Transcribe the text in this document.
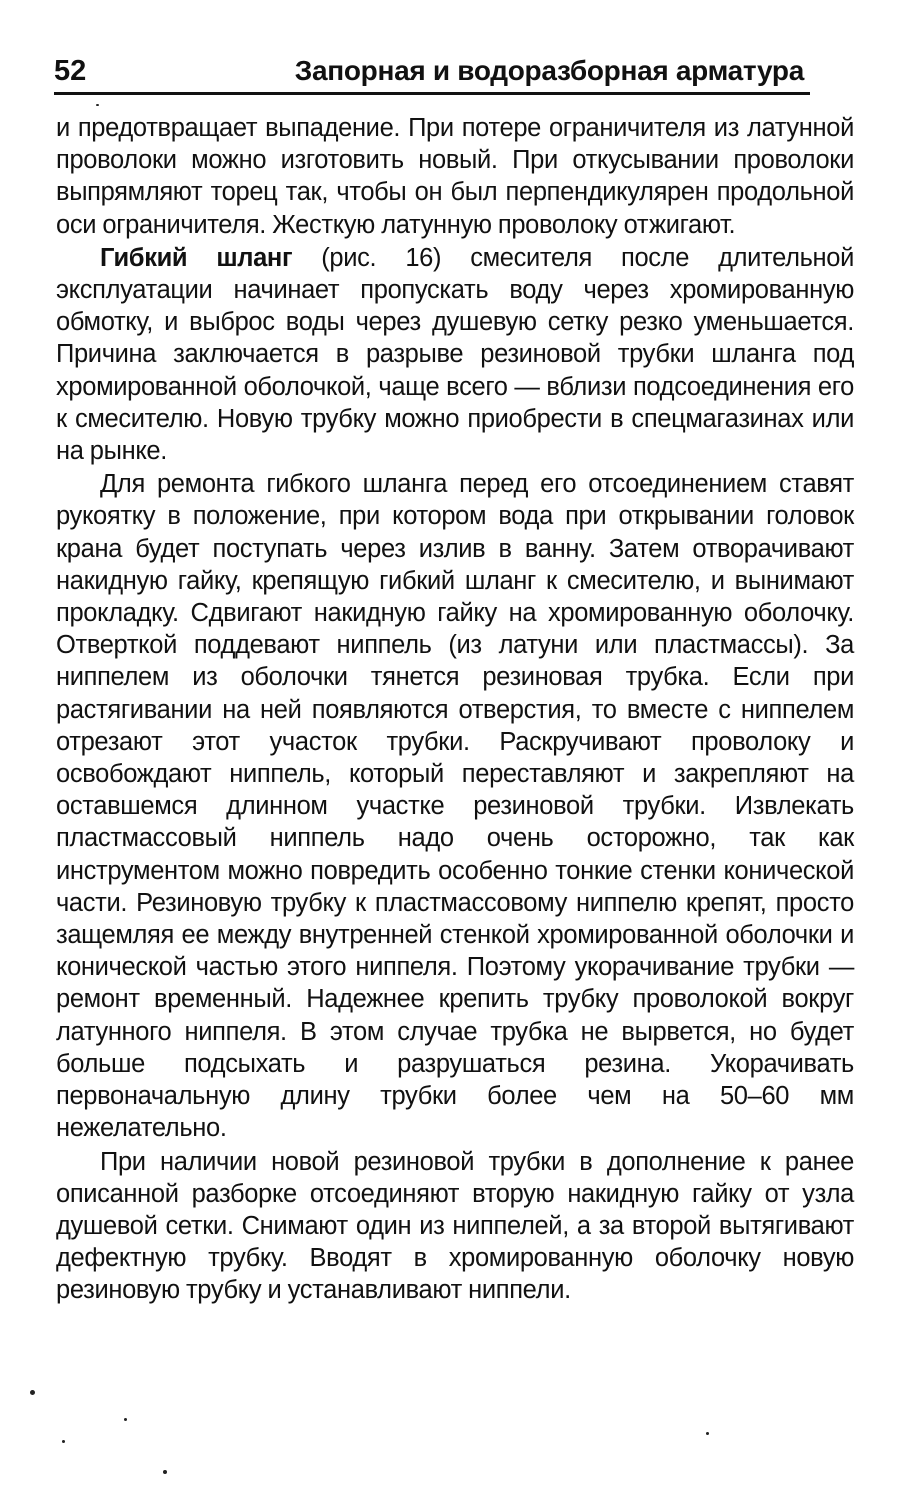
52	Запорная и водоразборная арматура

и предотвращает выпадение. При потере ограничителя из латунной проволоки можно изготовить новый. При откусывании проволоки выпрямляют торец так, чтобы он был перпендикулярен продольной оси ограничителя. Жесткую латунную проволоку отжигают.

Гибкий шланг (рис. 16) смесителя после длительной эксплуатации начинает пропускать воду через хромированную обмотку, и выброс воды через душевую сетку резко уменьшается. Причина заключается в разрыве резиновой трубки шланга под хромированной оболочкой, чаще всего — вблизи подсоединения его к смесителю. Новую трубку можно приобрести в спецмагазинах или на рынке.

Для ремонта гибкого шланга перед его отсоединением ставят рукоятку в положение, при котором вода при открывании головок крана будет поступать через излив в ванну. Затем отворачивают накидную гайку, крепящую гибкий шланг к смесителю, и вынимают прокладку. Сдвигают накидную гайку на хромированную оболочку. Отверткой поддевают ниппель (из латуни или пластмассы). За ниппелем из оболочки тянется резиновая трубка. Если при растягивании на ней появляются отверстия, то вместе с ниппелем отрезают этот участок трубки. Раскручивают проволоку и освобождают ниппель, который переставляют и закрепляют на оставшемся длинном участке резиновой трубки. Извлекать пластмассовый ниппель надо очень осторожно, так как инструментом можно повредить особенно тонкие стенки конической части. Резиновую трубку к пластмассовому ниппелю крепят, просто защемляя ее между внутренней стенкой хромированной оболочки и конической частью этого ниппеля. Поэтому укорачивание трубки — ремонт временный. Надежнее крепить трубку проволокой вокруг латунного ниппеля. В этом случае трубка не вырвется, но будет больше подсыхать и разрушаться резина. Укорачивать первоначальную длину трубки более чем на 50–60 мм нежелательно.

При наличии новой резиновой трубки в дополнение к ранее описанной разборке отсоединяют вторую накидную гайку от узла душевой сетки. Снимают один из ниппелей, а за второй вытягивают дефектную трубку. Вводят в хромированную оболочку новую резиновую трубку и устанавливают ниппели.
